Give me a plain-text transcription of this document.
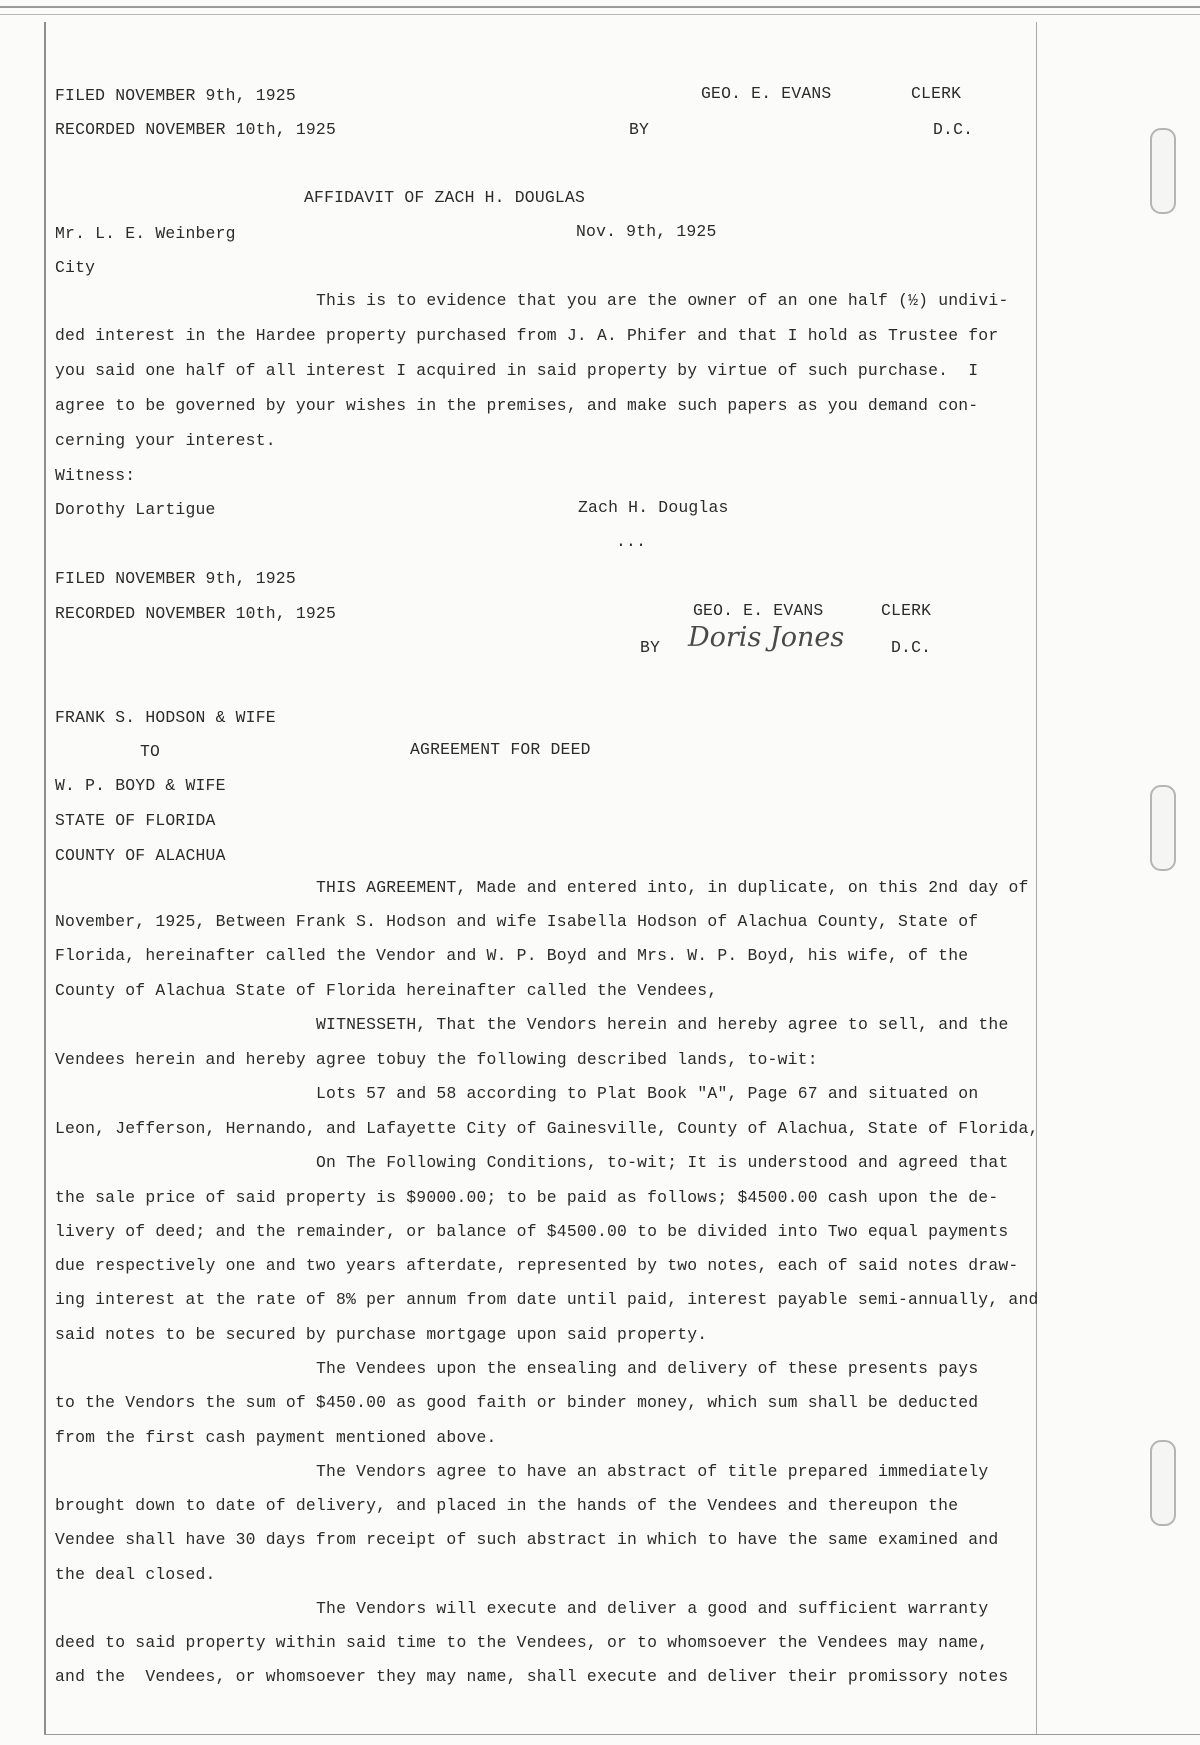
FILED NOVEMBER 9th, 1925	GEO. E. EVANS	CLERK
RECORDED NOVEMBER 10th, 1925	BY	D.C.
AFFIDAVIT OF ZACH H. DOUGLAS
Mr. L. E. Weinberg	Nov. 9th, 1925
City
This is to evidence that you are the owner of an one half (½) undivi-
ded interest in the Hardee property purchased from J. A. Phifer and that I hold as Trustee for
you said one half of all interest I acquired in said property by virtue of such purchase.  I
agree to be governed by your wishes in the premises, and make such papers as you demand con-
cerning your interest.
Witness:
Dorothy Lartigue	Zach H. Douglas
...
FILED NOVEMBER 9th, 1925
RECORDED NOVEMBER 10th, 1925	GEO. E. EVANS	CLERK
BY Doris Jones	D.C.
FRANK S. HODSON & WIFE
TO	AGREEMENT FOR DEED
W. P. BOYD & WIFE
STATE OF FLORIDA
COUNTY OF ALACHUA
THIS AGREEMENT, Made and entered into, in duplicate, on this 2nd day of
November, 1925, Between Frank S. Hodson and wife Isabella Hodson of Alachua County, State of
Florida, hereinafter called the Vendor and W. P. Boyd and Mrs. W. P. Boyd, his wife, of the
County of Alachua State of Florida hereinafter called the Vendees,
WITNESSETH, That the Vendors herein and hereby agree to sell, and the
Vendees herein and hereby agree tobuy the following described lands, to-wit:
Lots 57 and 58 according to Plat Book "A", Page 67 and situated on
Leon, Jefferson, Hernando, and Lafayette City of Gainesville, County of Alachua, State of Florida,
On The Following Conditions, to-wit; It is understood and agreed that
the sale price of said property is $9000.00; to be paid as follows; $4500.00 cash upon the de-
livery of deed; and the remainder, or balance of $4500.00 to be divided into Two equal payments
due respectively one and two years afterdate, represented by two notes, each of said notes draw-
ing interest at the rate of 8% per annum from date until paid, interest payable semi-annually, and
said notes to be secured by purchase mortgage upon said property.
The Vendees upon the ensealing and delivery of these presents pays
to the Vendors the sum of $450.00 as good faith or binder money, which sum shall be deducted
from the first cash payment mentioned above.
The Vendors agree to have an abstract of title prepared immediately
brought down to date of delivery, and placed in the hands of the Vendees and thereupon the
Vendee shall have 30 days from receipt of such abstract in which to have the same examined and
the deal closed.
The Vendors will execute and deliver a good and sufficient warranty
deed to said property within said time to the Vendees, or to whomsoever the Vendees may name,
and the  Vendees, or whomsoever they may name, shall execute and deliver their promissory notes
